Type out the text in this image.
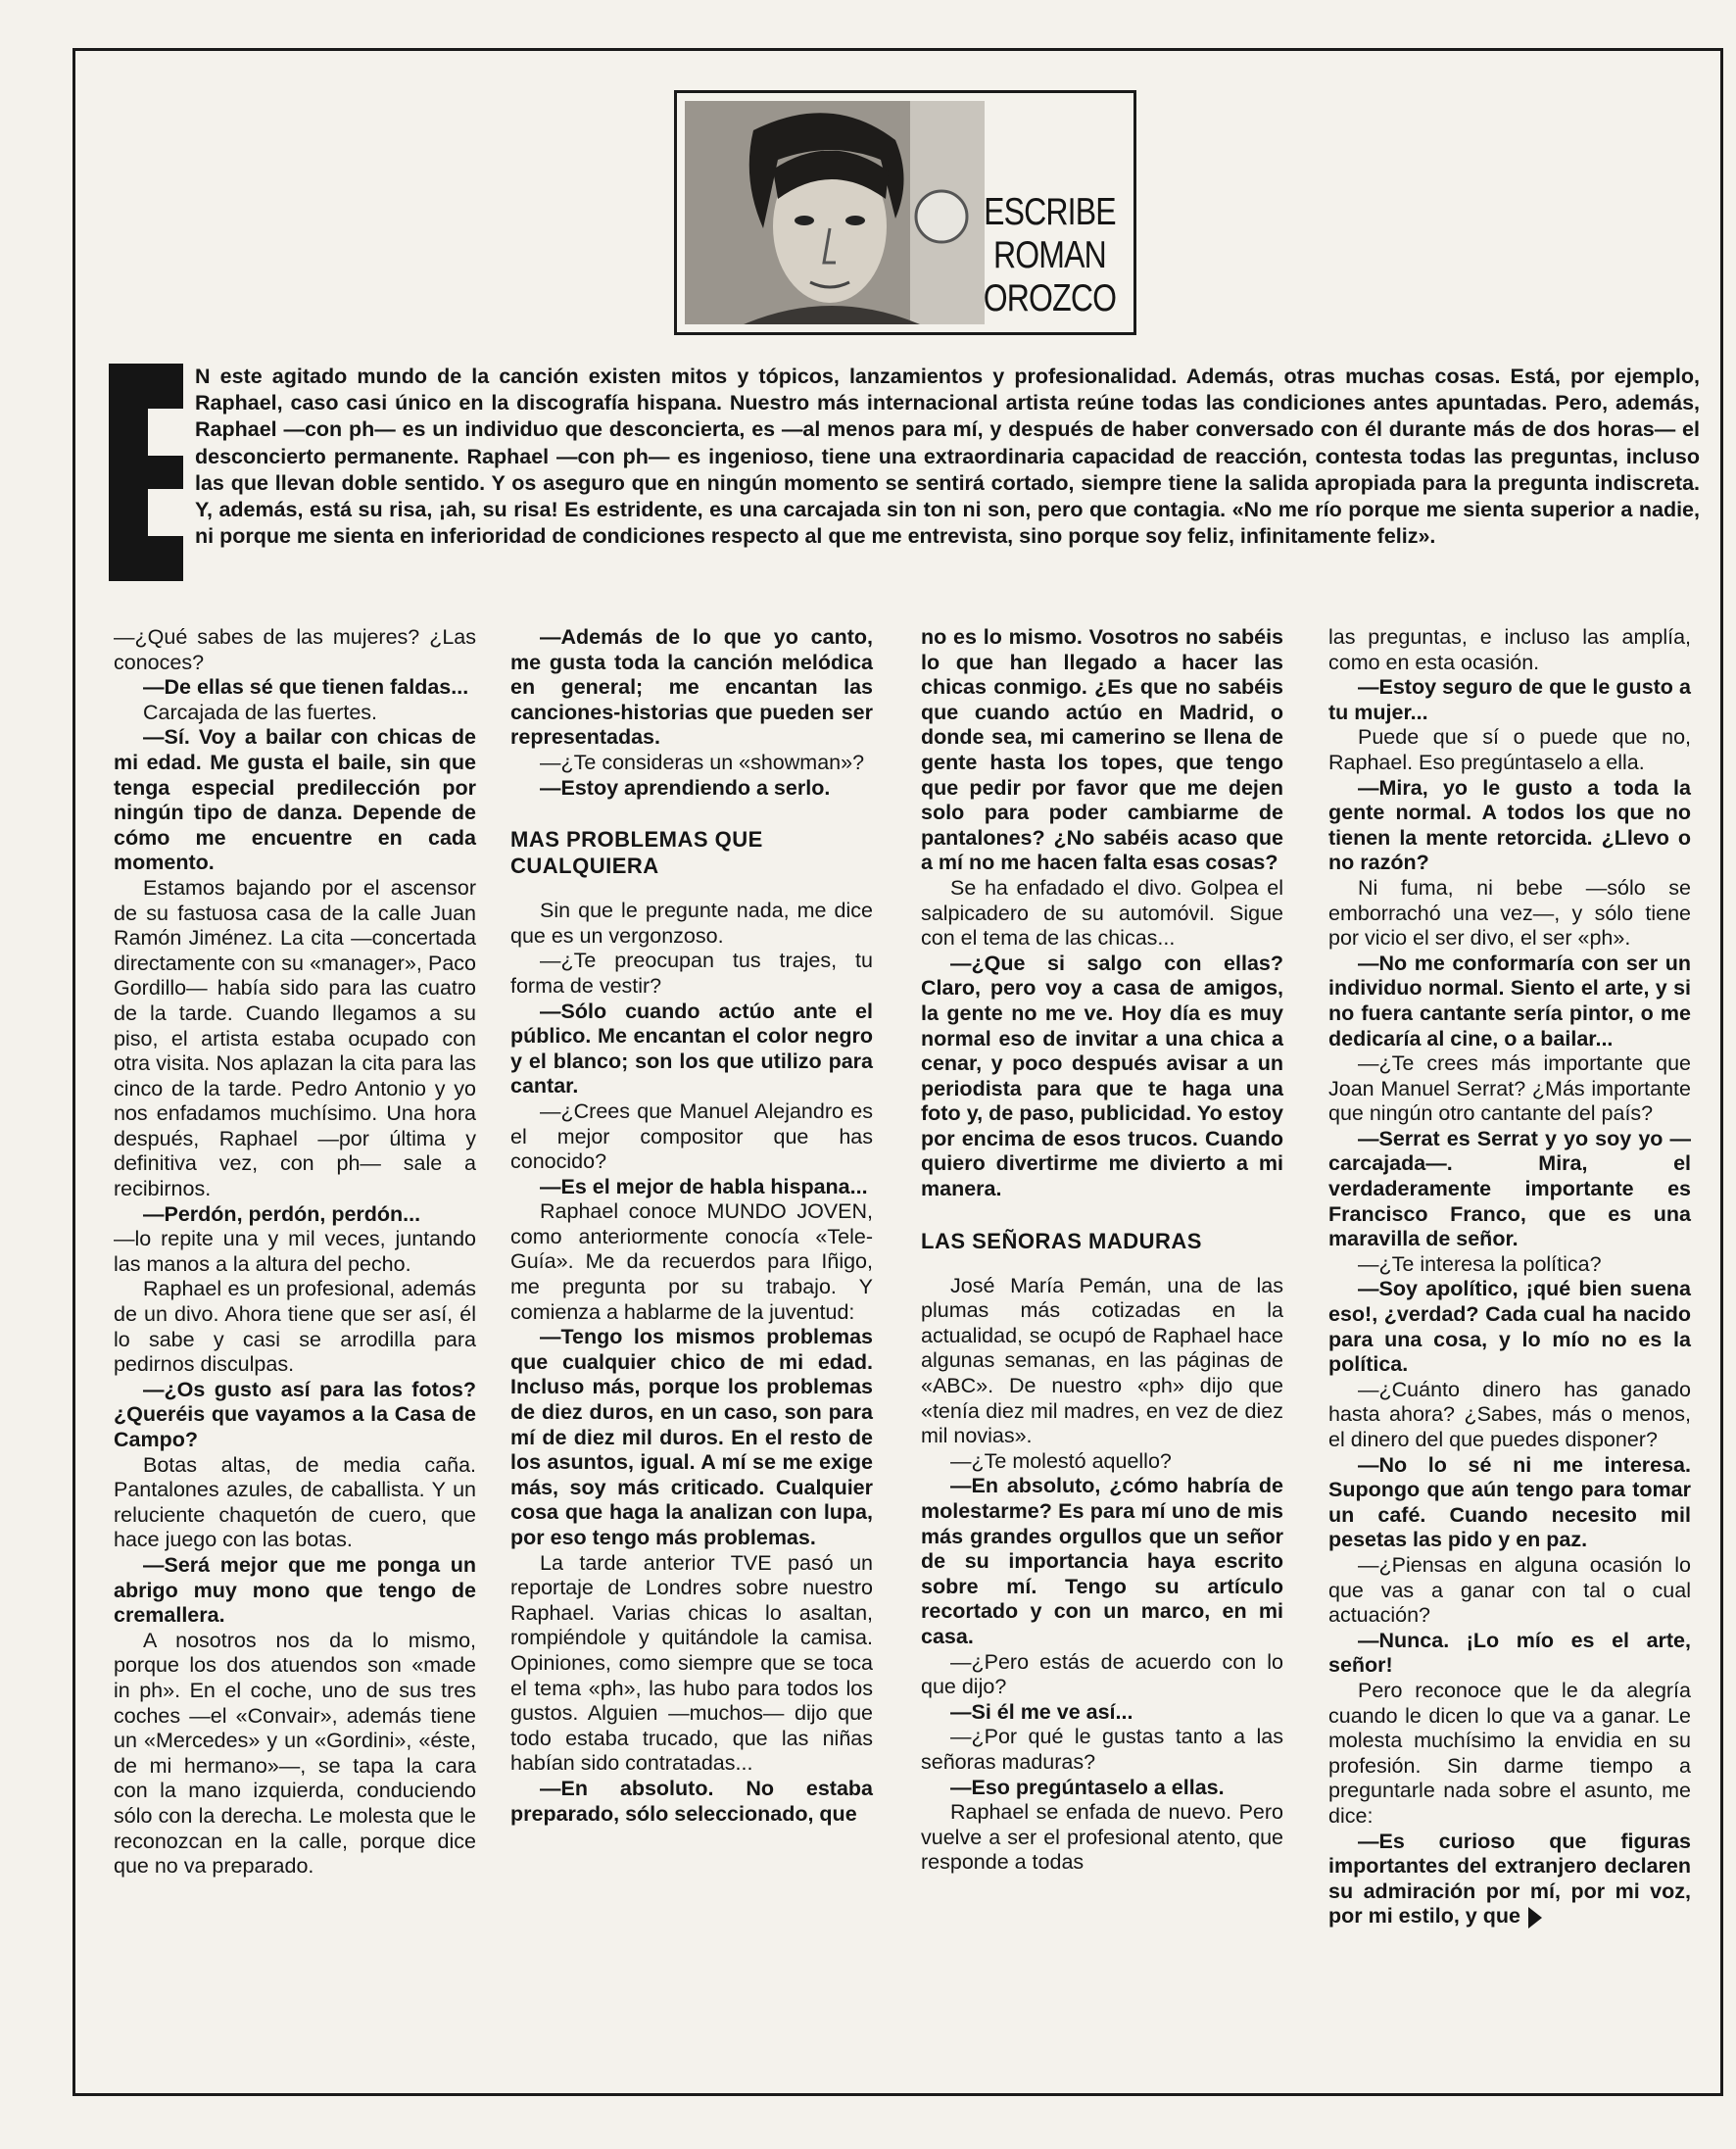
ESCRIBE
ROMAN
OROZCO
N este agitado mundo de la canción existen mitos y tópicos, lanzamientos y profesionalidad. Además, otras muchas cosas. Está, por ejemplo, Raphael, caso casi único en la discografía hispana. Nuestro más internacional artista reúne todas las condiciones antes apuntadas. Pero, además, Raphael —con ph— es un individuo que desconcierta, es —al menos para mí, y después de haber conversado con él durante más de dos horas— el desconcierto permanente. Raphael —con ph— es ingenioso, tiene una extraordinaria capacidad de reacción, contesta todas las preguntas, incluso las que llevan doble sentido. Y os aseguro que en ningún momento se sentirá cortado, siempre tiene la salida apropiada para la pregunta indiscreta. Y, además, está su risa, ¡ah, su risa! Es estridente, es una carcajada sin ton ni son, pero que contagia. «No me río porque me sienta superior a nadie, ni porque me sienta en inferioridad de condiciones respecto al que me entrevista, sino porque soy feliz, infinitamente feliz».

—¿Qué sabes de las mujeres? ¿Las conoces?

—De ellas sé que tienen faldas...

Carcajada de las fuertes.

—Sí. Voy a bailar con chicas de mi edad. Me gusta el baile, sin que tenga especial predilección por ningún tipo de danza. Depende de cómo me encuentre en cada momento.

Estamos bajando por el ascensor de su fastuosa casa de la calle Juan Ramón Jiménez. La cita —concertada directamente con su «manager», Paco Gordillo— había sido para las cuatro de la tarde. Cuando llegamos a su piso, el artista estaba ocupado con otra visita. Nos aplazan la cita para las cinco de la tarde. Pedro Antonio y yo nos enfadamos muchísimo. Una hora después, Raphael —por última y definitiva vez, con ph— sale a recibirnos.

—Perdón, perdón, perdón...

—lo repite una y mil veces, juntando las manos a la altura del pecho.

Raphael es un profesional, además de un divo. Ahora tiene que ser así, él lo sabe y casi se arrodilla para pedirnos disculpas.

—¿Os gusto así para las fotos? ¿Queréis que vayamos a la Casa de Campo?

Botas altas, de media caña. Pantalones azules, de caballista. Y un reluciente chaquetón de cuero, que hace juego con las botas.

—Será mejor que me ponga un abrigo muy mono que tengo de cremallera.

A nosotros nos da lo mismo, porque los dos atuendos son «made in ph». En el coche, uno de sus tres coches —el «Convair», además tiene un «Mercedes» y un «Gordini», «éste, de mi hermano»—, se tapa la cara con la mano izquierda, conduciendo sólo con la derecha. Le molesta que le reconozcan en la calle, porque dice que no va preparado.

—Además de lo que yo canto, me gusta toda la canción melódica en general; me encantan las canciones-historias que pueden ser representadas.

—¿Te consideras un «showman»?

—Estoy aprendiendo a serlo.

MAS PROBLEMAS QUE CUALQUIERA

Sin que le pregunte nada, me dice que es un vergonzoso.

—¿Te preocupan tus trajes, tu forma de vestir?

—Sólo cuando actúo ante el público. Me encantan el color negro y el blanco; son los que utilizo para cantar.

—¿Crees que Manuel Alejandro es el mejor compositor que has conocido?

—Es el mejor de habla hispana...

Raphael conoce MUNDO JOVEN, como anteriormente conocía «Tele-Guía». Me da recuerdos para Iñigo, me pregunta por su trabajo. Y comienza a hablarme de la juventud:

—Tengo los mismos problemas que cualquier chico de mi edad. Incluso más, porque los problemas de diez duros, en un caso, son para mí de diez mil duros. En el resto de los asuntos, igual. A mí se me exige más, soy más criticado. Cualquier cosa que haga la analizan con lupa, por eso tengo más problemas.

La tarde anterior TVE pasó un reportaje de Londres sobre nuestro Raphael. Varias chicas lo asaltan, rompiéndole y quitándole la camisa. Opiniones, como siempre que se toca el tema «ph», las hubo para todos los gustos. Alguien —muchos— dijo que todo estaba trucado, que las niñas habían sido contratadas...

—En absoluto. No estaba preparado, sólo seleccionado, que

no es lo mismo. Vosotros no sabéis lo que han llegado a hacer las chicas conmigo. ¿Es que no sabéis que cuando actúo en Madrid, o donde sea, mi camerino se llena de gente hasta los topes, que tengo que pedir por favor que me dejen solo para poder cambiarme de pantalones? ¿No sabéis acaso que a mí no me hacen falta esas cosas?

Se ha enfadado el divo. Golpea el salpicadero de su automóvil. Sigue con el tema de las chicas...

—¿Que si salgo con ellas? Claro, pero voy a casa de amigos, la gente no me ve. Hoy día es muy normal eso de invitar a una chica a cenar, y poco después avisar a un periodista para que te haga una foto y, de paso, publicidad. Yo estoy por encima de esos trucos. Cuando quiero divertirme me divierto a mi manera.

LAS SEÑORAS MADURAS

José María Pemán, una de las plumas más cotizadas en la actualidad, se ocupó de Raphael hace algunas semanas, en las páginas de «ABC». De nuestro «ph» dijo que «tenía diez mil madres, en vez de diez mil novias».

—¿Te molestó aquello?

—En absoluto, ¿cómo habría de molestarme? Es para mí uno de mis más grandes orgullos que un señor de su importancia haya escrito sobre mí. Tengo su artículo recortado y con un marco, en mi casa.

—¿Pero estás de acuerdo con lo que dijo?

—Si él me ve así...

—¿Por qué le gustas tanto a las señoras maduras?

—Eso pregúntaselo a ellas.

Raphael se enfada de nuevo. Pero vuelve a ser el profesional atento, que responde a todas

las preguntas, e incluso las amplía, como en esta ocasión.

—Estoy seguro de que le gusto a tu mujer...

Puede que sí o puede que no, Raphael. Eso pregúntaselo a ella.

—Mira, yo le gusto a toda la gente normal. A todos los que no tienen la mente retorcida. ¿Llevo o no razón?

Ni fuma, ni bebe —sólo se emborrachó una vez—, y sólo tiene por vicio el ser divo, el ser «ph».

—No me conformaría con ser un individuo normal. Siento el arte, y si no fuera cantante sería pintor, o me dedicaría al cine, o a bailar...

—¿Te crees más importante que Joan Manuel Serrat? ¿Más importante que ningún otro cantante del país?

—Serrat es Serrat y yo soy yo —carcajada—. Mira, el verdaderamente importante es Francisco Franco, que es una maravilla de señor.

—¿Te interesa la política?

—Soy apolítico, ¡qué bien suena eso!, ¿verdad? Cada cual ha nacido para una cosa, y lo mío no es la política.

—¿Cuánto dinero has ganado hasta ahora? ¿Sabes, más o menos, el dinero del que puedes disponer?

—No lo sé ni me interesa. Supongo que aún tengo para tomar un café. Cuando necesito mil pesetas las pido y en paz.

—¿Piensas en alguna ocasión lo que vas a ganar con tal o cual actuación?

—Nunca. ¡Lo mío es el arte, señor!

Pero reconoce que le da alegría cuando le dicen lo que va a ganar. Le molesta muchísimo la envidia en su profesión. Sin darme tiempo a preguntarle nada sobre el asunto, me dice:

—Es curioso que figuras importantes del extranjero declaren su admiración por mí, por mi voz, por mi estilo, y que
